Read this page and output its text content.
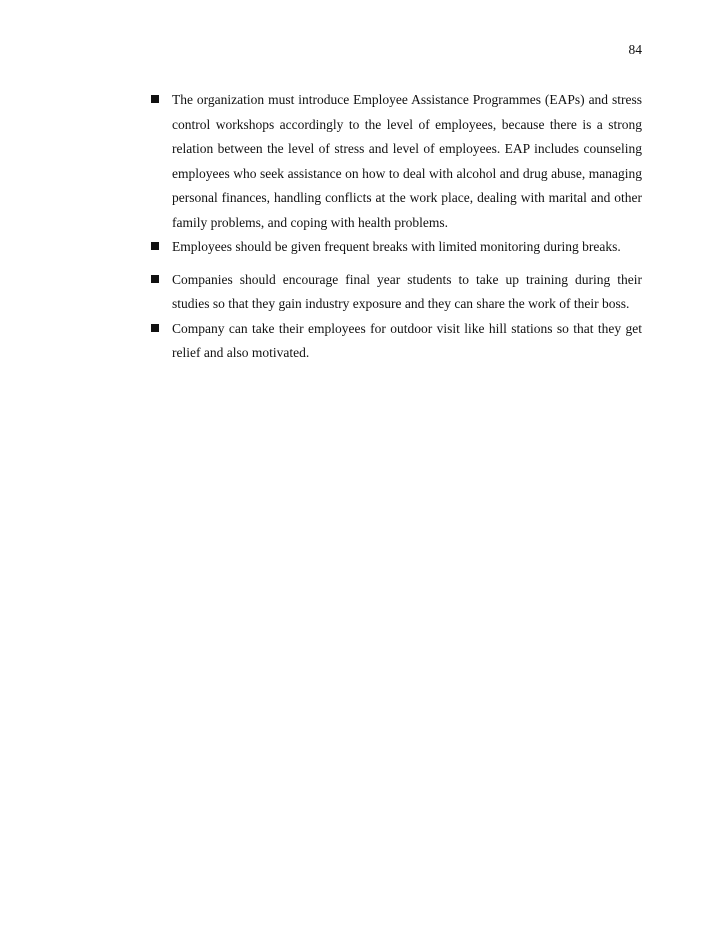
84
The organization must introduce Employee Assistance Programmes (EAPs) and stress control workshops accordingly to the level of employees, because there is a strong relation between the level of stress and level of employees. EAP includes counseling employees who seek assistance on how to deal with alcohol and drug abuse, managing personal finances, handling conflicts at the work place, dealing with marital and other family problems, and coping with health problems.
Employees should be given frequent breaks with limited monitoring during breaks.
Companies should encourage final year students to take up training during their studies so that they gain industry exposure and they can share the work of their boss.
Company can take their employees for outdoor visit like hill stations so that they get relief and also motivated.
